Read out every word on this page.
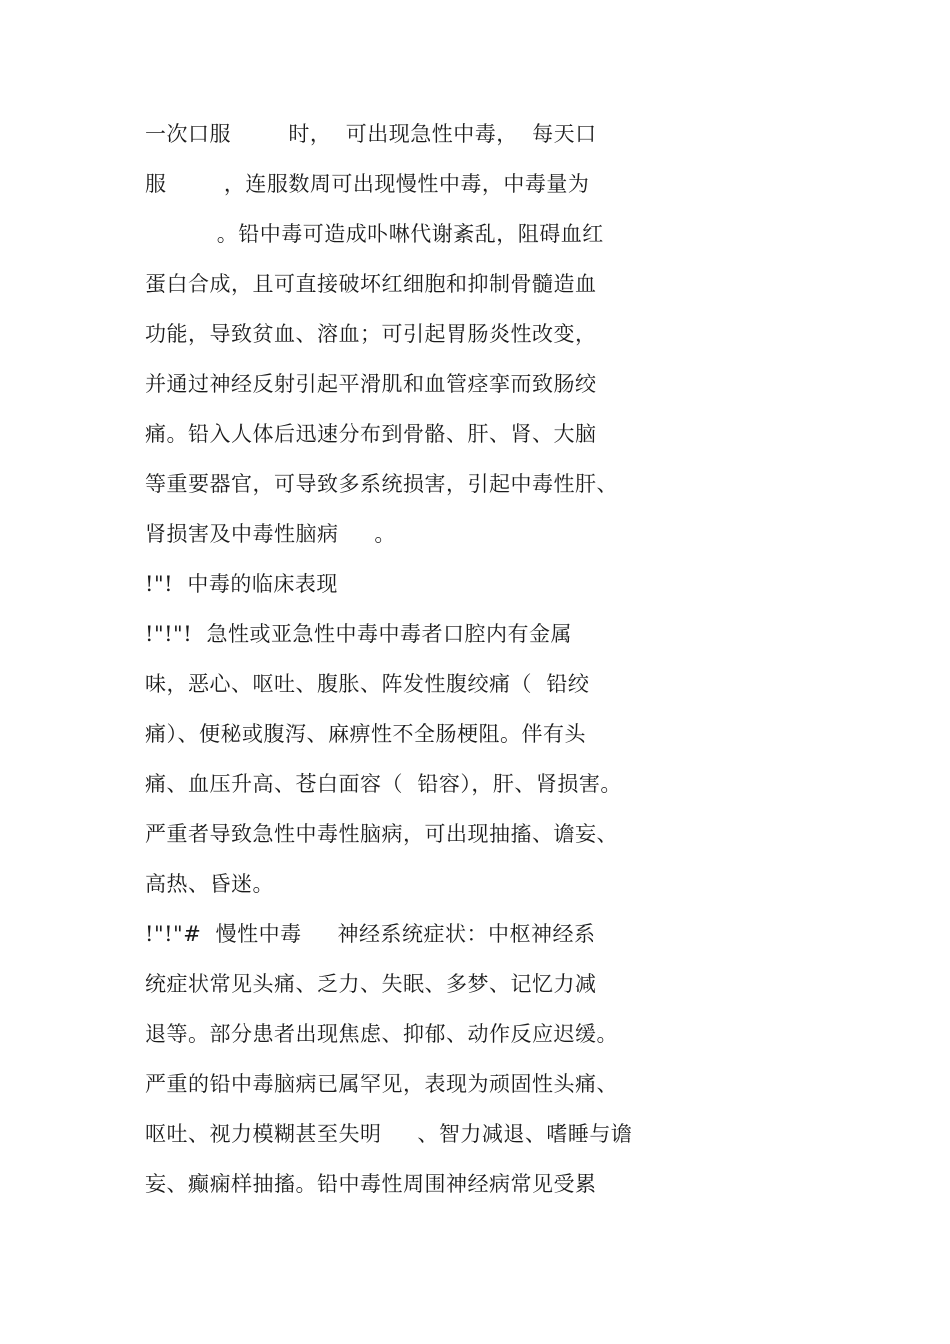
一次口服        时，  可出现急性中毒，  每天口
服        ，连服数周可出现慢性中毒，中毒量为
。铅中毒可造成卟啉代谢紊乱，阻碍血红
蛋白合成，且可直接破坏红细胞和抑制骨髓造血
功能，导致贫血、溶血；可引起胃肠炎性改变，
并通过神经反射引起平滑肌和血管痉挛而致肠绞
痛。铅入人体后迅速分布到骨骼、肝、肾、大脑
等重要器官，可导致多系统损害，引起中毒性肝、
肾损害及中毒性脑病     。
!"!  中毒的临床表现
!"!"!  急性或亚急性中毒中毒者口腔内有金属
味，恶心、呕吐、腹胀、阵发性腹绞痛（  铅绞
痛）、便秘或腹泻、麻痹性不全肠梗阻。伴有头
痛、血压升高、苍白面容（  铅容），肝、肾损害。
严重者导致急性中毒性脑病，可出现抽搐、谵妄、
高热、昏迷。
!"!"#  慢性中毒     神经系统症状：中枢神经系
统症状常见头痛、乏力、失眠、多梦、记忆力减
退等。部分患者出现焦虑、抑郁、动作反应迟缓。
严重的铅中毒脑病已属罕见，表现为顽固性头痛、
呕吐、视力模糊甚至失明     、智力减退、嗜睡与谵
妄、癫痫样抽搐。铅中毒性周围神经病常见受累
